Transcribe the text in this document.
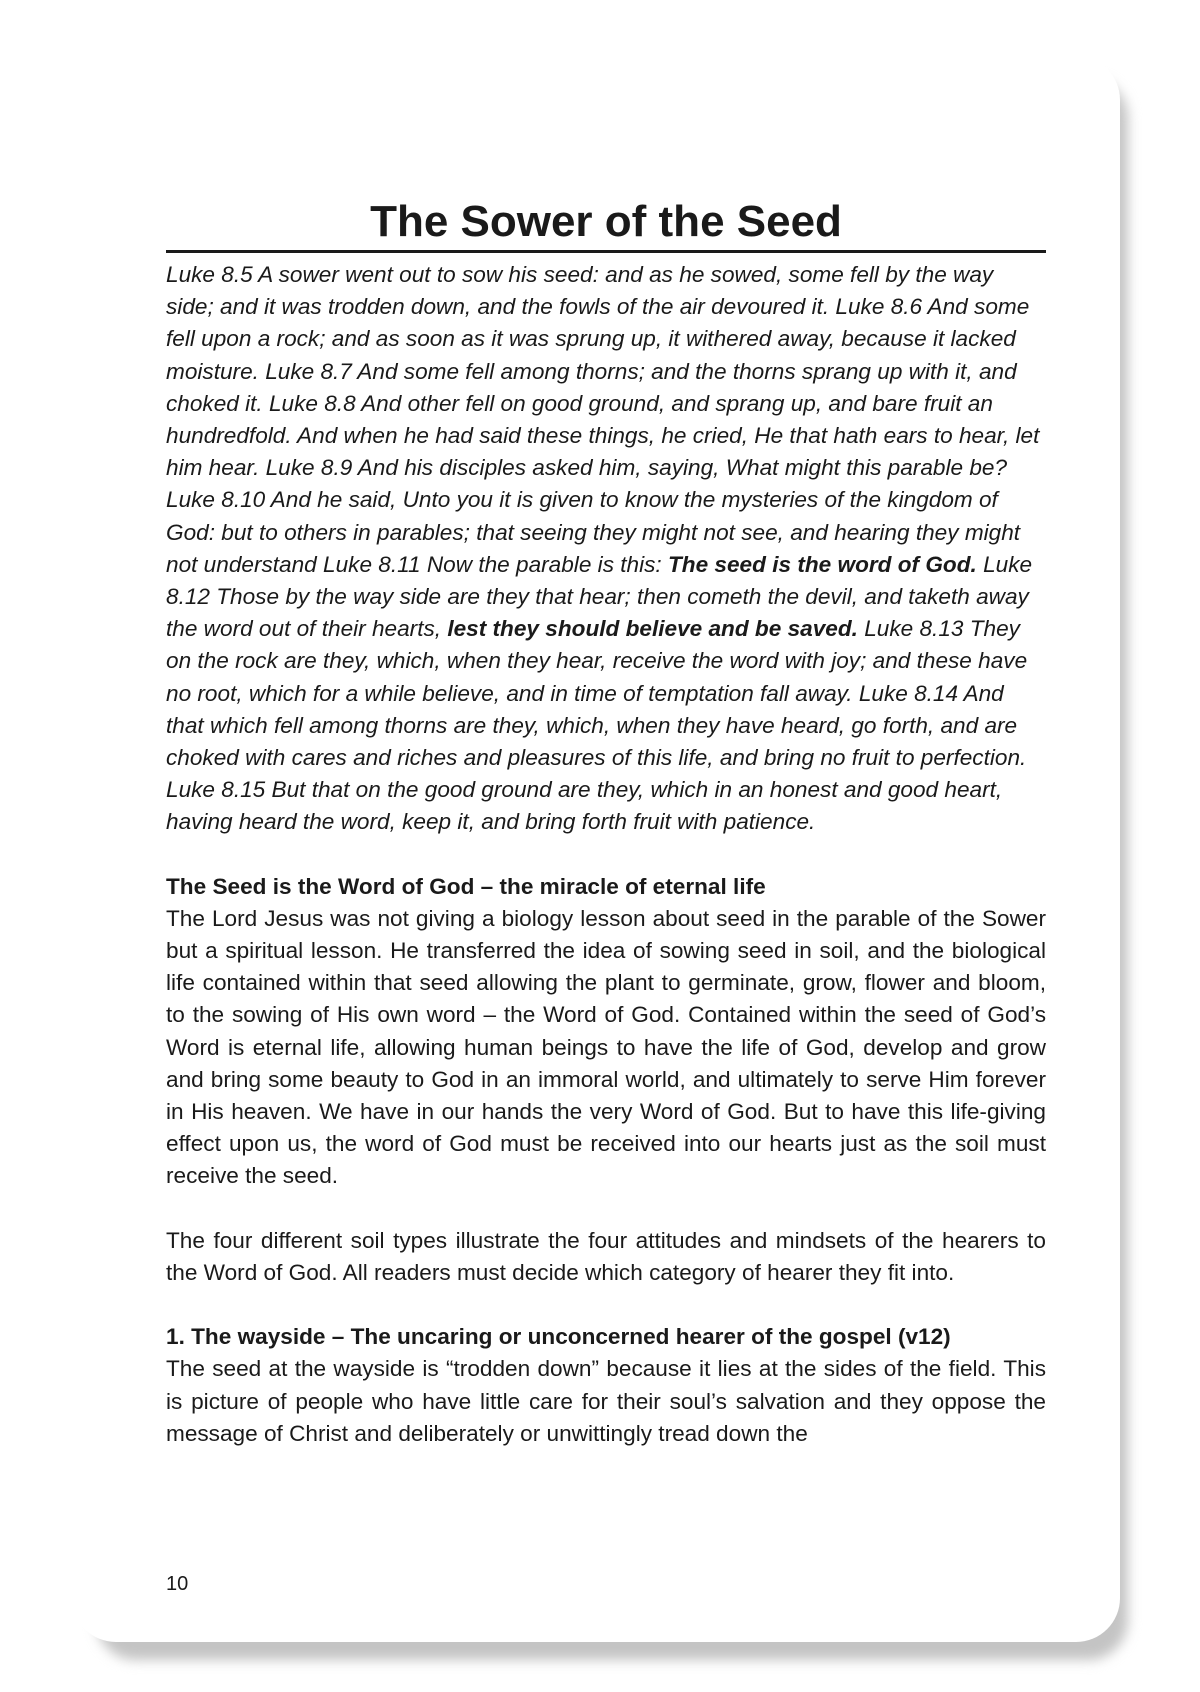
The Sower of the Seed

Luke 8.5 A sower went out to sow his seed: and as he sowed, some fell by the way side; and it was trodden down, and the fowls of the air devoured it. Luke 8.6 And some fell upon a rock; and as soon as it was sprung up, it withered away, because it lacked moisture. Luke 8.7 And some fell among thorns; and the thorns sprang up with it, and choked it. Luke 8.8 And other fell on good ground, and sprang up, and bare fruit an hundredfold. And when he had said these things, he cried, He that hath ears to hear, let him hear. Luke 8.9 And his disciples asked him, saying, What might this parable be? Luke 8.10 And he said, Unto you it is given to know the mysteries of the kingdom of God: but to others in parables; that seeing they might not see, and hearing they might not understand Luke 8.11 Now the parable is this: The seed is the word of God. Luke 8.12 Those by the way side are they that hear; then cometh the devil, and taketh away the word out of their hearts, lest they should believe and be saved. Luke 8.13 They on the rock are they, which, when they hear, receive the word with joy; and these have no root, which for a while believe, and in time of temptation fall away. Luke 8.14 And that which fell among thorns are they, which, when they have heard, go forth, and are choked with cares and riches and pleasures of this life, and bring no fruit to perfection. Luke 8.15 But that on the good ground are they, which in an honest and good heart, having heard the word, keep it, and bring forth fruit with patience.

The Seed is the Word of God – the miracle of eternal life

The Lord Jesus was not giving a biology lesson about seed in the parable of the Sower but a spiritual lesson. He transferred the idea of sowing seed in soil, and the biological life contained within that seed allowing the plant to germinate, grow, flower and bloom, to the sowing of His own word – the Word of God. Contained within the seed of God’s Word is eternal life, allowing human beings to have the life of God, develop and grow and bring some beauty to God in an immoral world, and ultimately to serve Him forever in His heaven. We have in our hands the very Word of God. But to have this life-giving effect upon us, the word of God must be received into our hearts just as the soil must receive the seed.

The four different soil types illustrate the four attitudes and mindsets of the hearers to the Word of God. All readers must decide which category of hearer they fit into.

1. The wayside – The uncaring or unconcerned hearer of the gospel (v12)

The seed at the wayside is “trodden down” because it lies at the sides of the field. This is picture of people who have little care for their soul’s salvation and they oppose the message of Christ and deliberately or unwittingly tread down the

10
